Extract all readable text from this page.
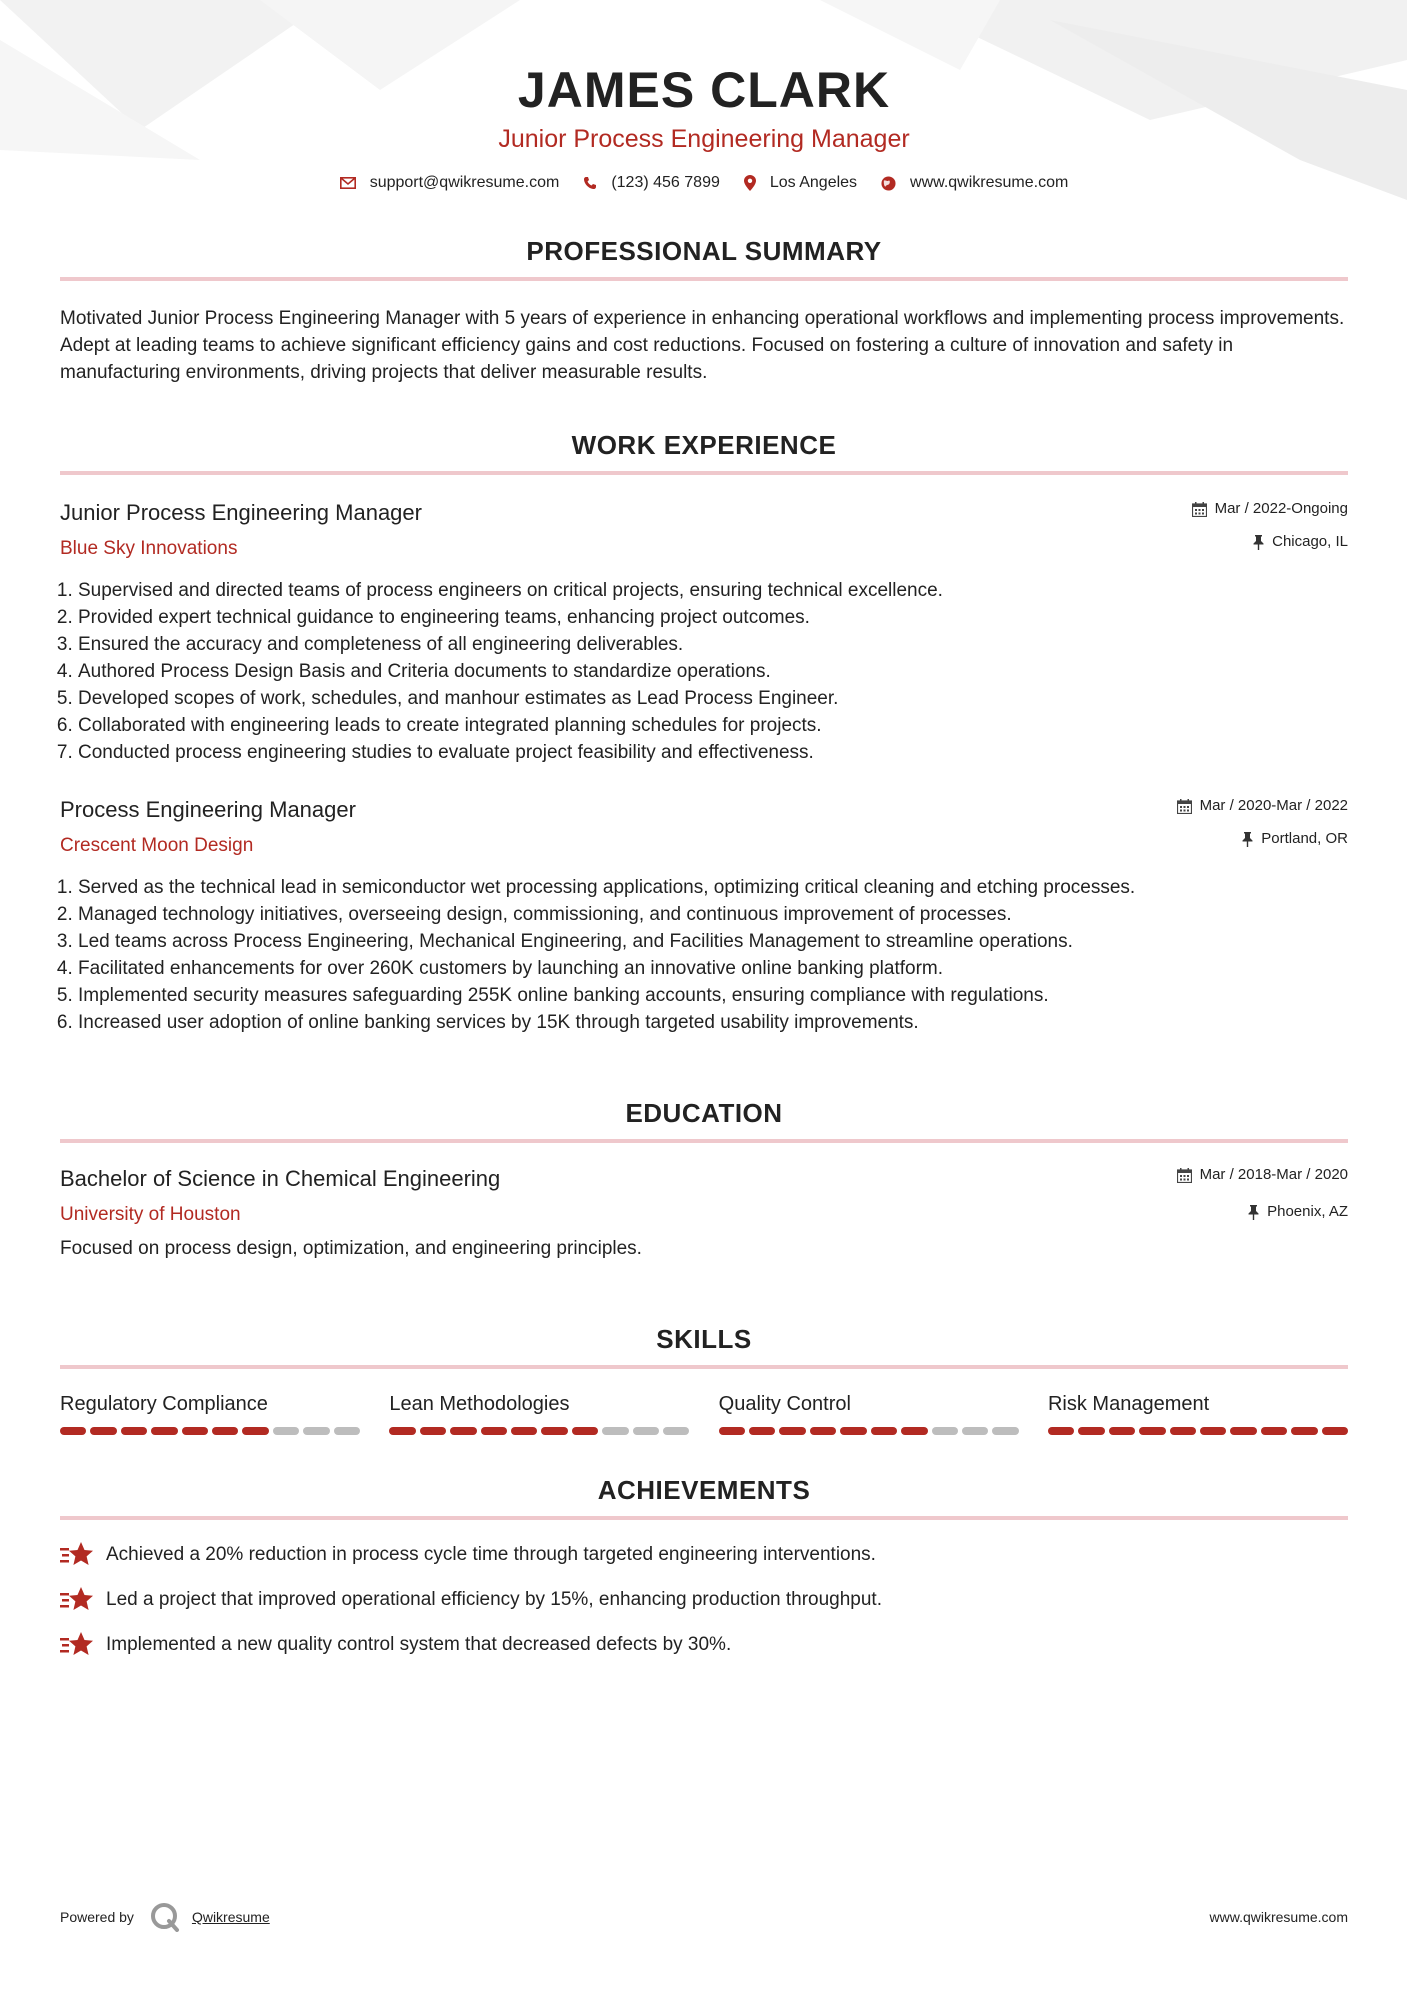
JAMES CLARK
Junior Process Engineering Manager
support@qwikresume.com	(123) 456 7899	Los Angeles	www.qwikresume.com
PROFESSIONAL SUMMARY
Motivated Junior Process Engineering Manager with 5 years of experience in enhancing operational workflows and implementing process improvements. Adept at leading teams to achieve significant efficiency gains and cost reductions. Focused on fostering a culture of innovation and safety in manufacturing environments, driving projects that deliver measurable results.
WORK EXPERIENCE
Junior Process Engineering Manager
Blue Sky Innovations
Mar / 2022-Ongoing
Chicago, IL
1. Supervised and directed teams of process engineers on critical projects, ensuring technical excellence.
2. Provided expert technical guidance to engineering teams, enhancing project outcomes.
3. Ensured the accuracy and completeness of all engineering deliverables.
4. Authored Process Design Basis and Criteria documents to standardize operations.
5. Developed scopes of work, schedules, and manhour estimates as Lead Process Engineer.
6. Collaborated with engineering leads to create integrated planning schedules for projects.
7. Conducted process engineering studies to evaluate project feasibility and effectiveness.
Process Engineering Manager
Crescent Moon Design
Mar / 2020-Mar / 2022
Portland, OR
1. Served as the technical lead in semiconductor wet processing applications, optimizing critical cleaning and etching processes.
2. Managed technology initiatives, overseeing design, commissioning, and continuous improvement of processes.
3. Led teams across Process Engineering, Mechanical Engineering, and Facilities Management to streamline operations.
4. Facilitated enhancements for over 260K customers by launching an innovative online banking platform.
5. Implemented security measures safeguarding 255K online banking accounts, ensuring compliance with regulations.
6. Increased user adoption of online banking services by 15K through targeted usability improvements.
EDUCATION
Bachelor of Science in Chemical Engineering
University of Houston
Mar / 2018-Mar / 2020
Phoenix, AZ
Focused on process design, optimization, and engineering principles.
SKILLS
Regulatory Compliance	Lean Methodologies	Quality Control	Risk Management
ACHIEVEMENTS
Achieved a 20% reduction in process cycle time through targeted engineering interventions.
Led a project that improved operational efficiency by 15%, enhancing production throughput.
Implemented a new quality control system that decreased defects by 30%.
Powered by	Qwikresume	www.qwikresume.com
